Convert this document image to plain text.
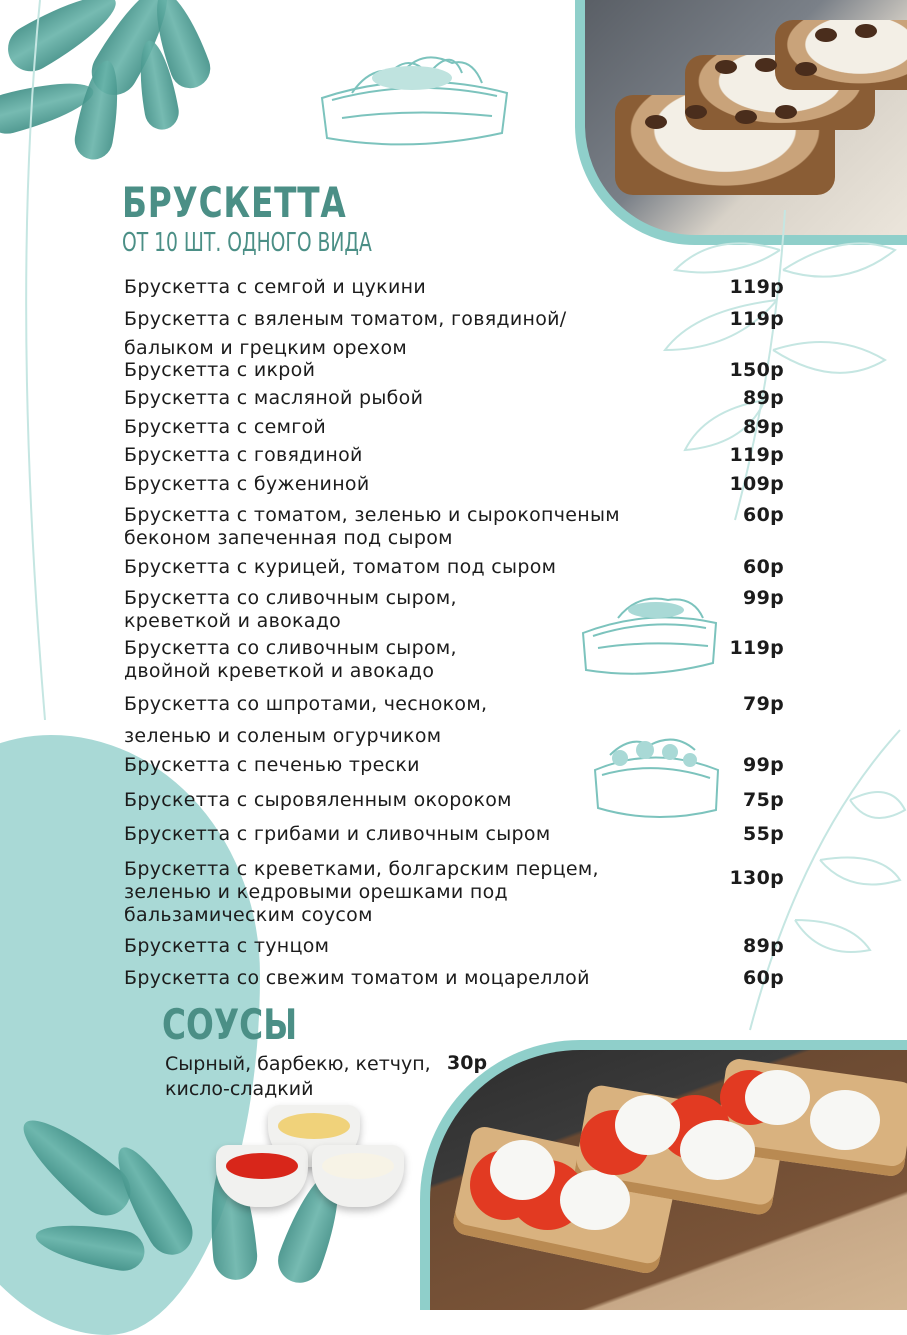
БРУСКЕТТА
ОТ 10 ШТ. ОДНОГО ВИДА
Брускетта с семгой и цукини	119р
Брускетта с вяленым томатом, говядиной/балыком и грецким орехом
119р
Брускетта с икрой	150р
Брускетта с масляной рыбой	89р
Брускетта с семгой	89р
Брускетта с говядиной	119р
Брускетта с бужениной	109р
Брускетта с томатом, зеленью и сырокопченым беконом запеченная под сыром
60р
Брускетта с курицей, томатом под сыром	60р
Брускетта со сливочным сыром, креветкой и авокадо
99р
Брускетта со сливочным сыром, двойной креветкой и авокадо
119р
Брускетта со шпротами, чесноком, зеленью и соленым огурчиком
79р
Брускетта с печенью трески	99р
Брускетта с сыровяленным окороком	75р
Брускетта с грибами и сливочным сыром	55р
Брускетта с креветками, болгарским перцем, зеленью и кедровыми орешками под бальзамическим соусом
130р
Брускетта с тунцом	89р
Брускетта со свежим томатом и моцареллой	60р
СОУСЫ
Сырный, барбекю, кетчуп, кисло-сладкий
30р
